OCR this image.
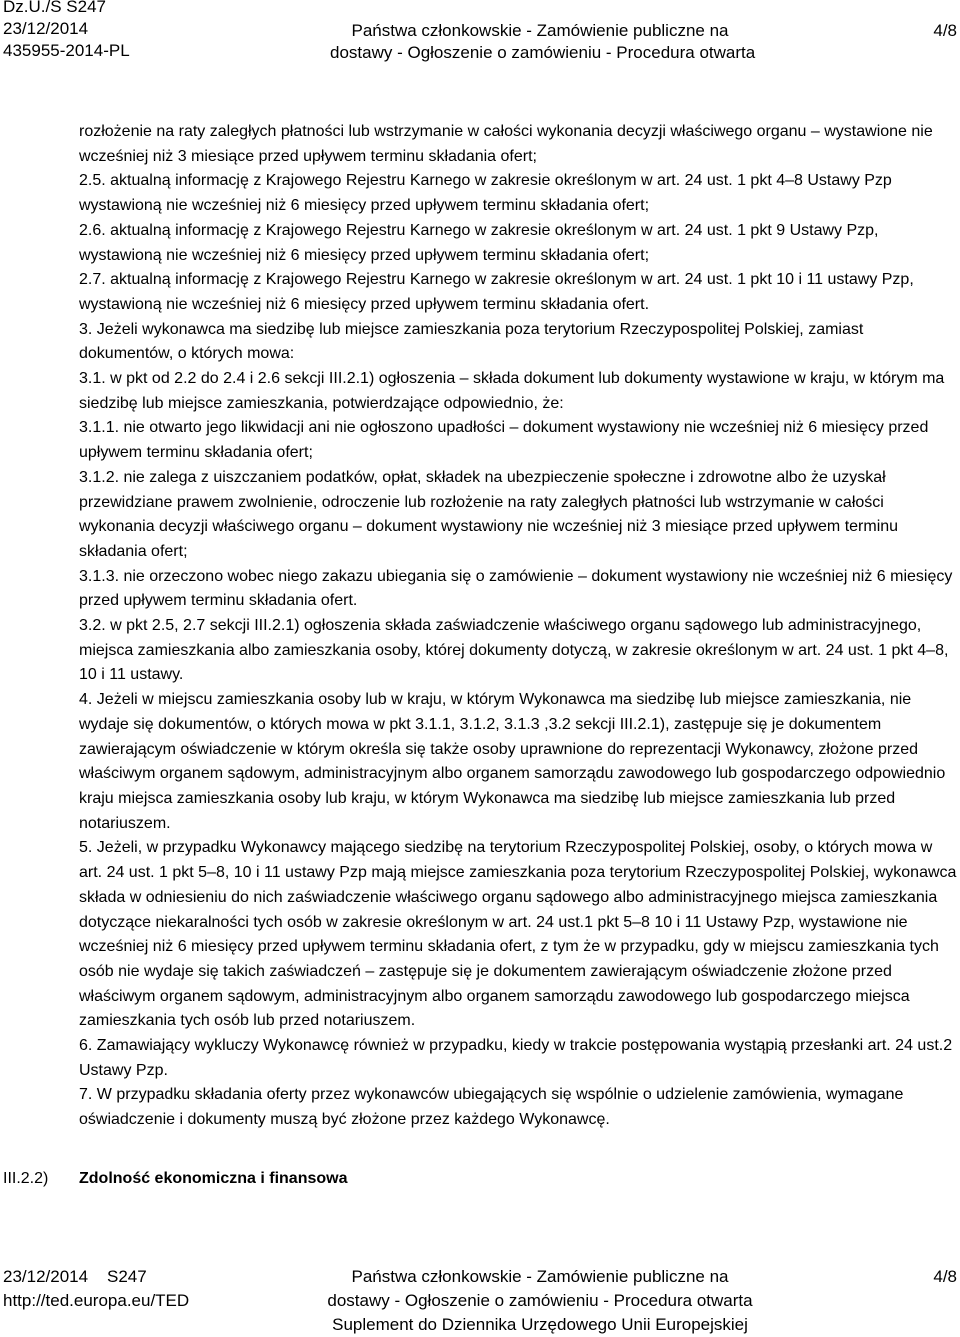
Dz.U./S S247
23/12/2014
435955-2014-PL
Państwa członkowskie - Zamówienie publiczne na
dostawy - Ogłoszenie o zamówieniu - Procedura otwarta
4/8

rozłożenie na raty zaległych płatności lub wstrzymanie w całości wykonania decyzji właściwego organu – wystawione nie wcześniej niż 3 miesiące przed upływem terminu składania ofert;

2.5. aktualną informację z Krajowego Rejestru Karnego w zakresie określonym w art. 24 ust. 1 pkt 4–8 Ustawy Pzp wystawioną nie wcześniej niż 6 miesięcy przed upływem terminu składania ofert;

2.6. aktualną informację z Krajowego Rejestru Karnego w zakresie określonym w art. 24 ust. 1 pkt 9 Ustawy Pzp, wystawioną nie wcześniej niż 6 miesięcy przed upływem terminu składania ofert;

2.7. aktualną informację z Krajowego Rejestru Karnego w zakresie określonym w art. 24 ust. 1 pkt 10 i 11 ustawy Pzp, wystawioną nie wcześniej niż 6 miesięcy przed upływem terminu składania ofert.

3. Jeżeli wykonawca ma siedzibę lub miejsce zamieszkania poza terytorium Rzeczypospolitej Polskiej, zamiast dokumentów, o których mowa:

3.1. w pkt od 2.2 do 2.4 i 2.6 sekcji III.2.1) ogłoszenia – składa dokument lub dokumenty wystawione w kraju, w którym ma siedzibę lub miejsce zamieszkania, potwierdzające odpowiednio, że:

3.1.1. nie otwarto jego likwidacji ani nie ogłoszono upadłości – dokument wystawiony nie wcześniej niż 6 miesięcy przed upływem terminu składania ofert;

3.1.2. nie zalega z uiszczaniem podatków, opłat, składek na ubezpieczenie społeczne i zdrowotne albo że uzyskał przewidziane prawem zwolnienie, odroczenie lub rozłożenie na raty zaległych płatności lub wstrzymanie w całości wykonania decyzji właściwego organu – dokument wystawiony nie wcześniej niż 3 miesiące przed upływem terminu składania ofert;

3.1.3. nie orzeczono wobec niego zakazu ubiegania się o zamówienie – dokument wystawiony nie wcześniej niż 6 miesięcy przed upływem terminu składania ofert.

3.2. w pkt 2.5, 2.7 sekcji III.2.1) ogłoszenia składa zaświadczenie właściwego organu sądowego lub administracyjnego, miejsca zamieszkania albo zamieszkania osoby, której dokumenty dotyczą, w zakresie określonym w art. 24 ust. 1 pkt 4–8, 10 i 11 ustawy.

4. Jeżeli w miejscu zamieszkania osoby lub w kraju, w którym Wykonawca ma siedzibę lub miejsce zamieszkania, nie wydaje się dokumentów, o których mowa w pkt 3.1.1, 3.1.2, 3.1.3 ,3.2 sekcji III.2.1), zastępuje się je dokumentem zawierającym oświadczenie w którym określa się także osoby uprawnione do reprezentacji Wykonawcy, złożone przed właściwym organem sądowym, administracyjnym albo organem samorządu zawodowego lub gospodarczego odpowiednio kraju miejsca zamieszkania osoby lub kraju, w którym Wykonawca ma siedzibę lub miejsce zamieszkania lub przed notariuszem.

5. Jeżeli, w przypadku Wykonawcy mającego siedzibę na terytorium Rzeczypospolitej Polskiej, osoby, o których mowa w art. 24 ust. 1 pkt 5–8, 10 i 11 ustawy Pzp mają miejsce zamieszkania poza terytorium Rzeczypospolitej Polskiej, wykonawca składa w odniesieniu do nich zaświadczenie właściwego organu sądowego albo administracyjnego miejsca zamieszkania dotyczące niekaralności tych osób w zakresie określonym w art. 24 ust.1 pkt 5–8 10 i 11 Ustawy Pzp, wystawione nie wcześniej niż 6 miesięcy przed upływem terminu składania ofert, z tym że w przypadku, gdy w miejscu zamieszkania tych osób nie wydaje się takich zaświadczeń – zastępuje się je dokumentem zawierającym oświadczenie złożone przed właściwym organem sądowym, administracyjnym albo organem samorządu zawodowego lub gospodarczego miejsca zamieszkania tych osób lub przed notariuszem.

6. Zamawiający wykluczy Wykonawcę również w przypadku, kiedy w trakcie postępowania wystąpią przesłanki art. 24 ust.2 Ustawy Pzp.

7. W przypadku składania oferty przez wykonawców ubiegających się wspólnie o udzielenie zamówienia, wymagane oświadczenie i dokumenty muszą być złożone przez każdego Wykonawcę.

III.2.2) Zdolność ekonomiczna i finansowa
23/12/2014 S247
http://ted.europa.eu/TED
Państwa członkowskie - Zamówienie publiczne na
dostawy - Ogłoszenie o zamówieniu - Procedura otwarta
Suplement do Dziennika Urzędowego Unii Europejskiej
4/8
